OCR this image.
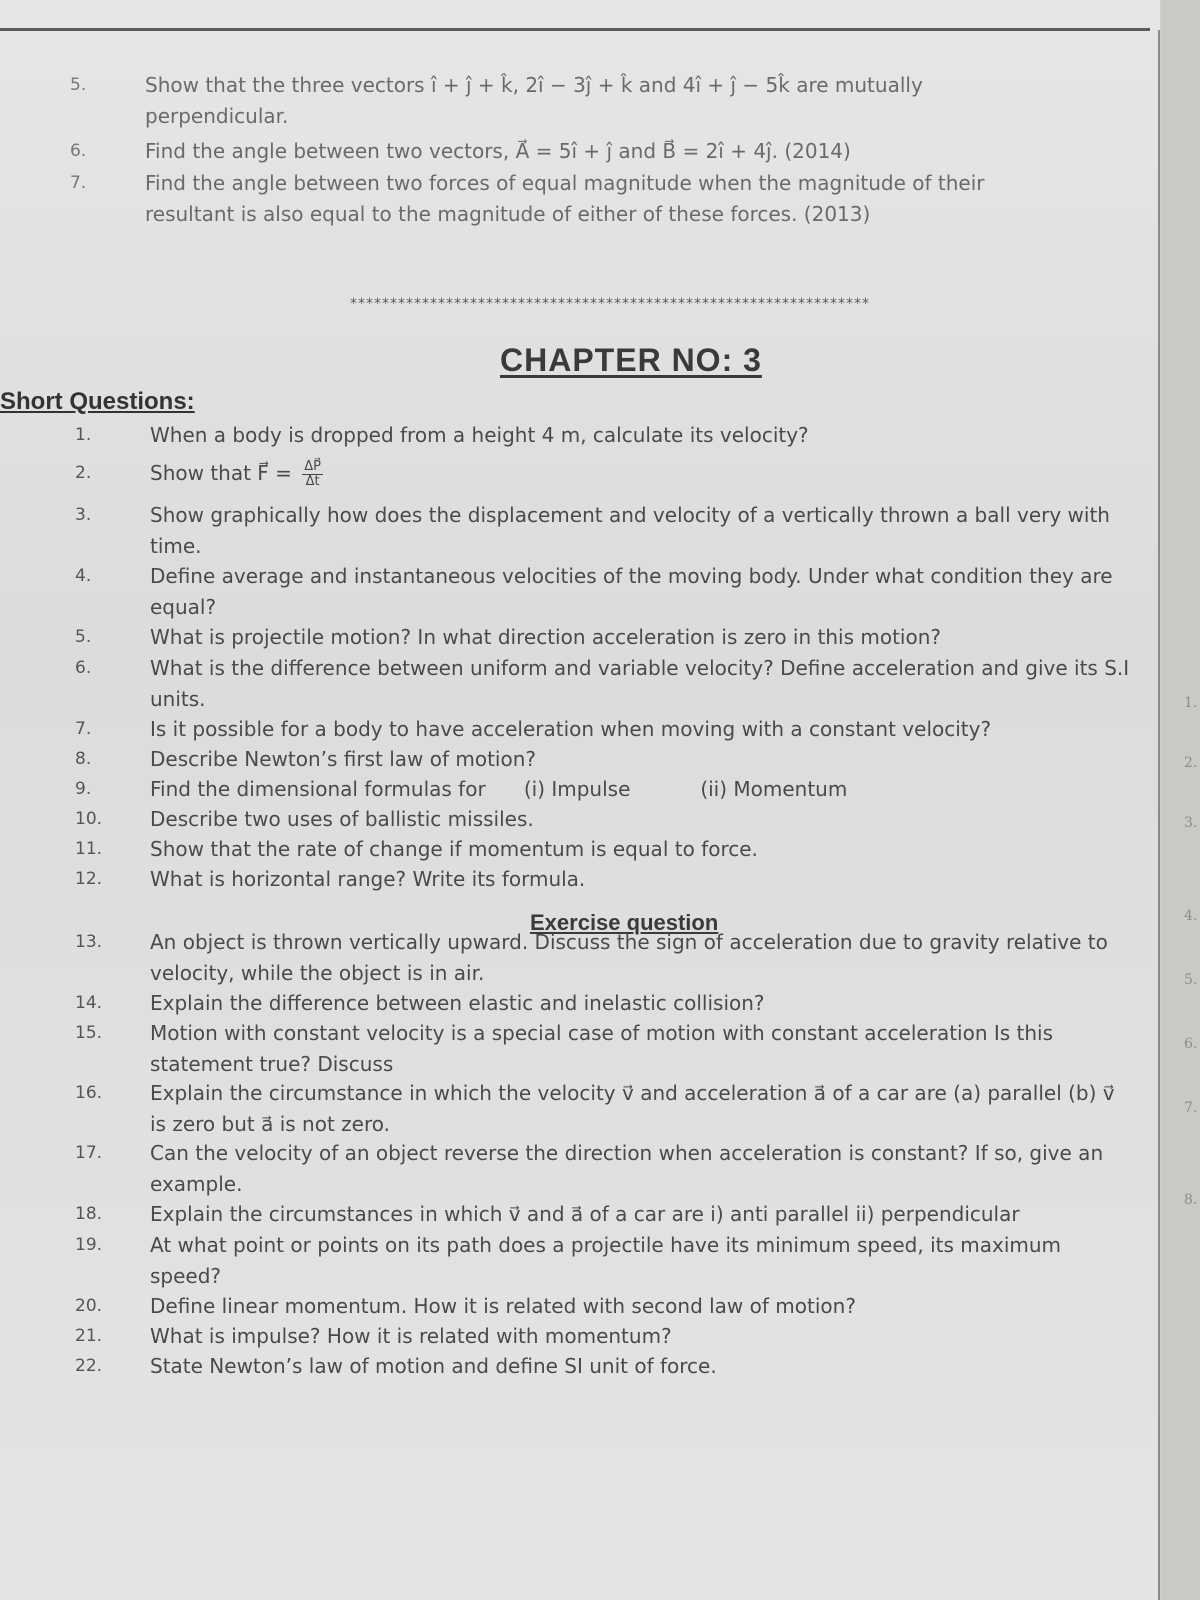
5.	Show that the three vectors î + ĵ + k̂, 2î − 3ĵ + k̂ and 4î + ĵ − 5k̂ are mutually perpendicular.
6.	Find the angle between two vectors, A⃗ = 5î + ĵ and B⃗ = 2î + 4ĵ. (2014)
7.	Find the angle between two forces of equal magnitude when the magnitude of their resultant is also equal to the magnitude of either of these forces. (2013)
*****************************************************************
CHAPTER NO: 3
Short Questions:
1.	When a body is dropped from a height 4 m, calculate its velocity?
2.	Show that F⃗ = $\frac{\Delta P⃗}{\Delta t}$
3.	Show graphically how does the displacement and velocity of a vertically thrown a ball very with time.
4.	Define average and instantaneous velocities of the moving body. Under what condition they are equal?
5.	What is projectile motion? In what direction acceleration is zero in this motion?
6.	What is the difference between uniform and variable velocity? Define acceleration and give its S.I units.
7.	Is it possible for a body to have acceleration when moving with a constant velocity?
8.	Describe Newton’s first law of motion?
9.	Find the dimensional formulas for      (i) Impulse           (ii) Momentum
10.	Describe two uses of ballistic missiles.
11.	Show that the rate of change if momentum is equal to force.
12.	What is horizontal range? Write its formula.
Exercise question
13.	An object is thrown vertically upward. Discuss the sign of acceleration due to gravity relative to velocity, while the object is in air.
14.	Explain the difference between elastic and inelastic collision?
15.	Motion with constant velocity is a special case of motion with constant acceleration Is this statement true? Discuss
16.	Explain the circumstance in which the velocity v⃗ and acceleration a⃗ of a car are (a) parallel (b) v⃗ is zero but a⃗ is not zero.
17.	Can the velocity of an object reverse the direction when acceleration is constant? If so, give an example.
18.	Explain the circumstances in which v⃗ and a⃗ of a car are i) anti parallel ii) perpendicular
19.	At what point or points on its path does a projectile have its minimum speed, its maximum speed?
20.	Define linear momentum. How it is related with second law of motion?
21.	What is impulse? How it is related with momentum?
22.	State Newton’s law of motion and define SI unit of force.
1.
2.
3.
4.
5.
6.
7.
8.
